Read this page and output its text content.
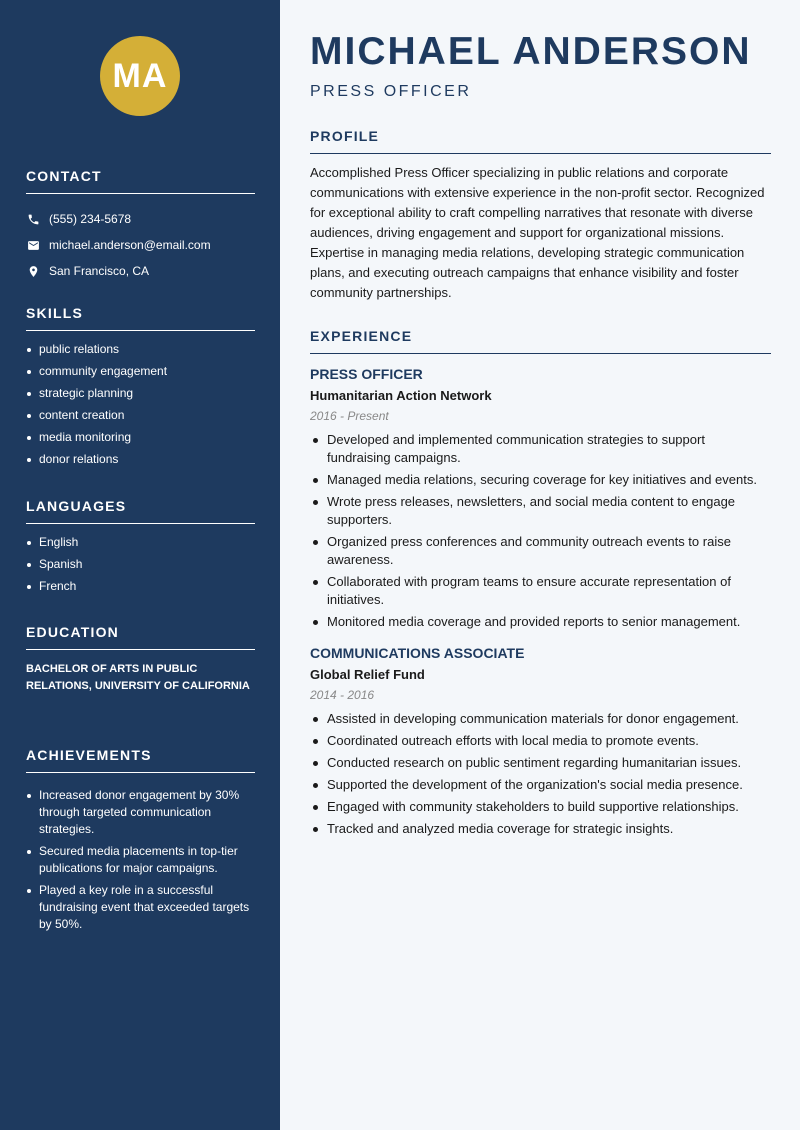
MA
CONTACT
(555) 234-5678
michael.anderson@email.com
San Francisco, CA
SKILLS
public relations
community engagement
strategic planning
content creation
media monitoring
donor relations
LANGUAGES
English
Spanish
French
EDUCATION

BACHELOR OF ARTS IN PUBLIC RELATIONS, UNIVERSITY OF CALIFORNIA

ACHIEVEMENTS
Increased donor engagement by 30% through targeted communication strategies.
Secured media placements in top-tier publications for major campaigns.
Played a key role in a successful fundraising event that exceeded targets by 50%.
MICHAEL ANDERSON
PRESS OFFICER
PROFILE

Accomplished Press Officer specializing in public relations and corporate communications with extensive experience in the non-profit sector. Recognized for exceptional ability to craft compelling narratives that resonate with diverse audiences, driving engagement and support for organizational missions. Expertise in managing media relations, developing strategic communication plans, and executing outreach campaigns that enhance visibility and foster community partnerships.

EXPERIENCE
PRESS OFFICER
Humanitarian Action Network
2016 - Present
Developed and implemented communication strategies to support fundraising campaigns.
Managed media relations, securing coverage for key initiatives and events.
Wrote press releases, newsletters, and social media content to engage supporters.
Organized press conferences and community outreach events to raise awareness.
Collaborated with program teams to ensure accurate representation of initiatives.
Monitored media coverage and provided reports to senior management.
COMMUNICATIONS ASSOCIATE
Global Relief Fund
2014 - 2016
Assisted in developing communication materials for donor engagement.
Coordinated outreach efforts with local media to promote events.
Conducted research on public sentiment regarding humanitarian issues.
Supported the development of the organization's social media presence.
Engaged with community stakeholders to build supportive relationships.
Tracked and analyzed media coverage for strategic insights.
